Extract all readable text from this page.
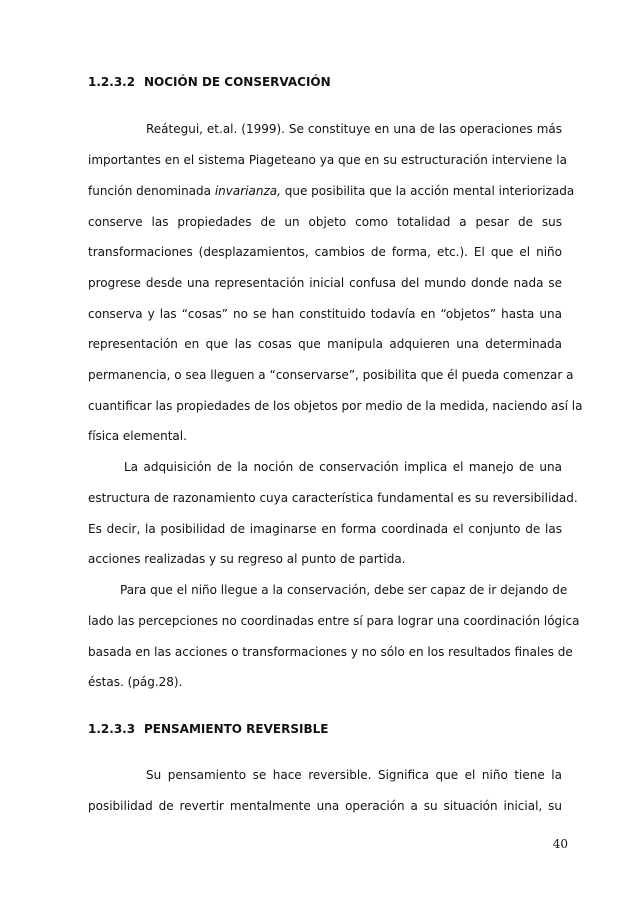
1.2.3.2 NOCIÓN DE CONSERVACIÓN
Reátegui, et.al. (1999). Se constituye en una de las operaciones más
importantes en el sistema Piageteano ya que en su estructuración interviene la
función denominada invarianza, que posibilita que la acción mental interiorizada
conserve las propiedades de un objeto como totalidad a pesar de sus
transformaciones (desplazamientos, cambios de forma, etc.). El que el niño
progrese desde una representación inicial confusa del mundo donde nada se
conserva y las “cosas” no se han constituido todavía en “objetos” hasta una
representación en que las cosas que manipula adquieren una determinada
permanencia, o sea lleguen a “conservarse”, posibilita que él pueda comenzar a
cuantificar las propiedades de los objetos por medio de la medida, naciendo así la
física elemental.
La adquisición de la noción de conservación implica el manejo de una
estructura de razonamiento cuya característica fundamental es su reversibilidad.
Es decir, la posibilidad de imaginarse en forma coordinada el conjunto de las
acciones realizadas y su regreso al punto de partida.
Para que el niño llegue a la conservación, debe ser capaz de ir dejando de
lado las percepciones no coordinadas entre sí para lograr una coordinación lógica
basada en las acciones o transformaciones y no sólo en los resultados finales de
éstas. (pág.28).
1.2.3.3 PENSAMIENTO REVERSIBLE
Su pensamiento se hace reversible. Significa que el niño tiene la
posibilidad de revertir mentalmente una operación a su situación inicial, su
40
